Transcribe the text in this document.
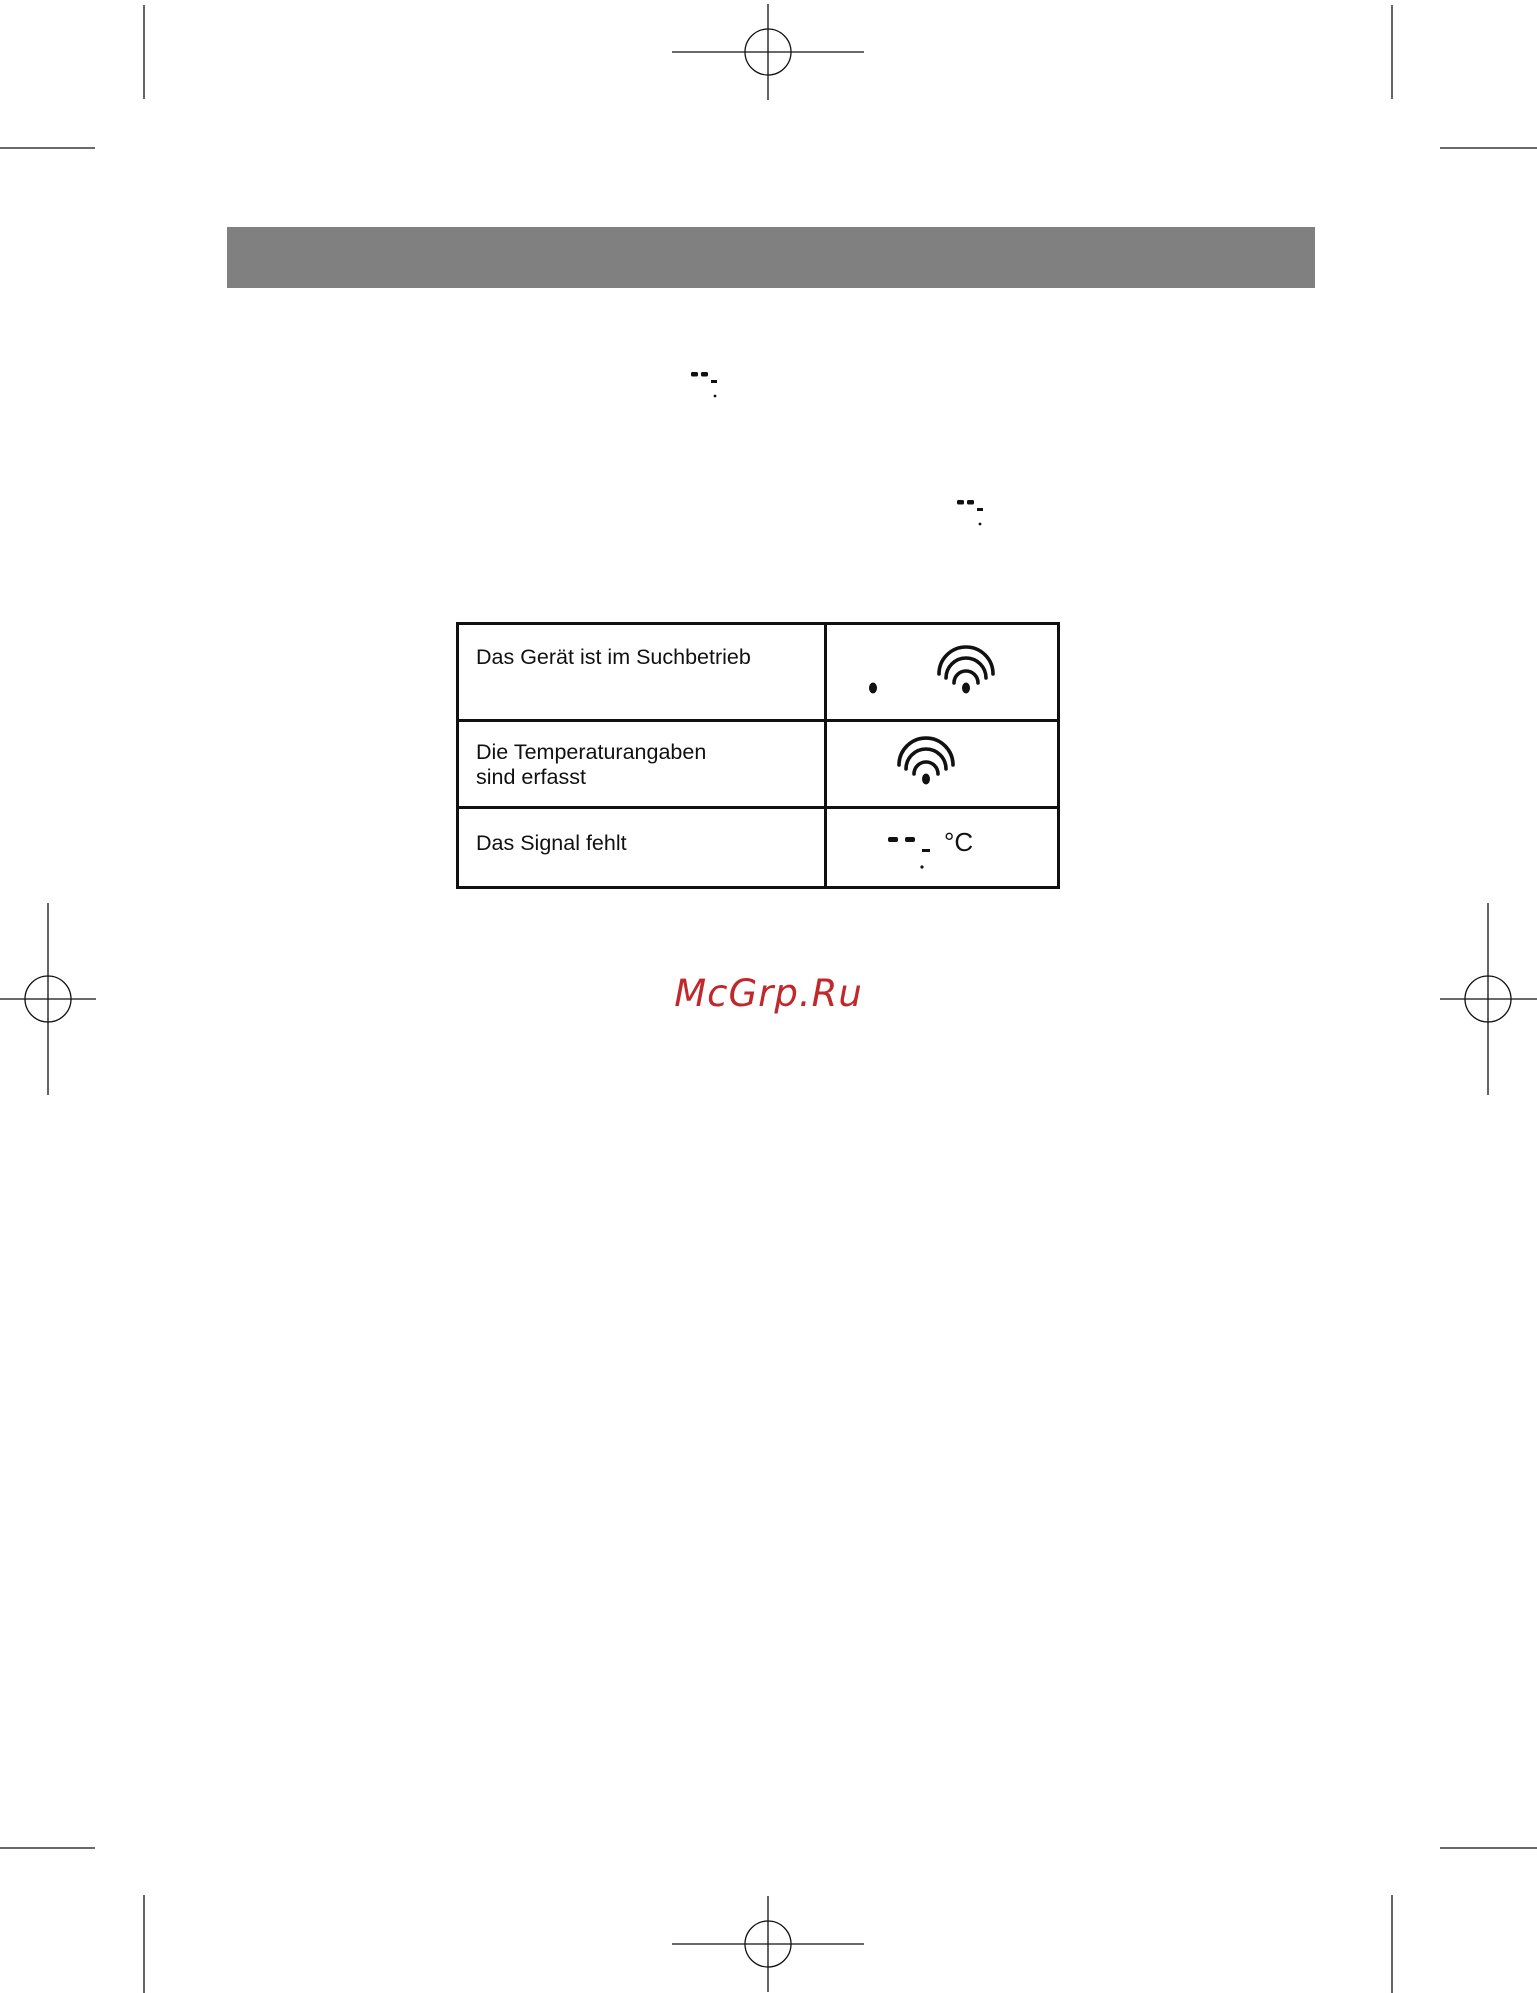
Das Gerät ist im Suchbetrieb

Die Temperaturangaben
sind erfasst

Das Signal fehlt	°C
McGrp.Ru
